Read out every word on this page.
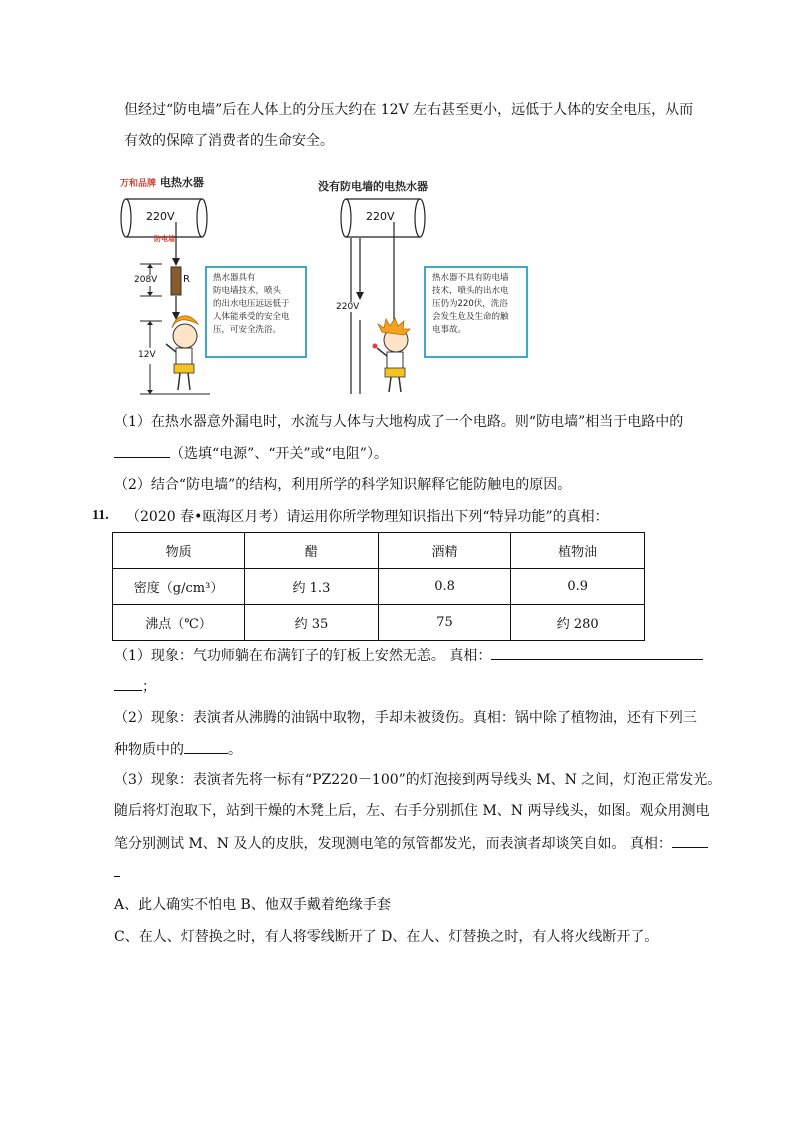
但经过“防电墙”后在人体上的分压大约在 12V 左右甚至更小，远低于人体的安全电压，从而
有效的保障了消费者的生命安全。
万和品牌 电热水器	没有防电墙的电热水器
220V	220V
防电墙
R
208V
12V
220V
热水器具有
防电墙技术，喷头
的出水电压远远低于
人体能承受的安全电
压，可安全洗浴。
热水器不具有防电墙
技术，喷头的出水电
压仍为220伏，洗浴
会发生危及生命的触
电事故。
（1）在热水器意外漏电时，水流与人体与大地构成了一个电路。则“防电墙”相当于电路中的
（选填“电源”、“开关”或“电阻”）。
（2）结合“防电墙”的结构，利用所学的科学知识解释它能防触电的原因。
11. （2020 春•瓯海区月考）请运用你所学物理知识指出下列“特异功能”的真相：
物质	醋	酒精	植物油
密度（g/cm³）	约 1.3	0.8	0.9
沸点（℃）	约 35	75	约 280
（1）现象：气功师躺在布满钉子的钉板上安然无恙。 真相：
；
（2）现象：表演者从沸腾的油锅中取物，手却未被烫伤。真相：锅中除了植物油，还有下列三
种物质中的	。
（3）现象：表演者先将一标有“PZ220－100”的灯泡接到两导线头 M、N 之间，灯泡正常发光。
随后将灯泡取下，站到干燥的木凳上后，左、右手分别抓住 M、N 两导线头，如图。观众用测电
笔分别测试 M、N 及人的皮肤，发现测电笔的氖管都发光，而表演者却谈笑自如。 真相：
A、此人确实不怕电 B、他双手戴着绝缘手套
C、在人、灯替换之时，有人将零线断开了 D、在人、灯替换之时，有人将火线断开了。
